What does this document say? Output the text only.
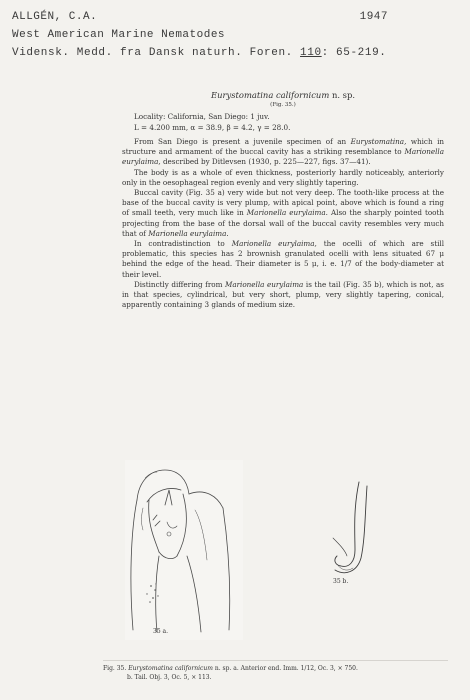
ALLGÉN, C.A.	1947
West American Marine Nematodes
Vidensk. Medd. fra Dansk naturh. Foren. 110: 65-219.
Eurystomatina californicum n. sp.
(Fig. 35.)
Locality: California, San Diego: 1 juv.
L = 4.200 mm, α = 38.9, β = 4.2, γ = 28.0.

From San Diego is present a juvenile specimen of an Eurystomatina, which in structure and armament of the buccal cavity has a striking resemblance to Marionella eurylaima, described by Ditlevsen (1930, p. 225—227, figs. 37—41).

The body is as a whole of even thickness, posteriorly hardly noticeably, anteriorly only in the oesophageal region evenly and very slightly tapering.

Buccal cavity (Fig. 35 a) very wide but not very deep. The tooth-like process at the base of the buccal cavity is very plump, with apical point, above which is found a ring of small teeth, very much like in Marionella eurylaima. Also the sharply pointed tooth projecting from the base of the dorsal wall of the buccal cavity resembles very much that of Marionella eurylaima.

In contradistinction to Marionella eurylaima, the ocelli of which are still problematic, this species has 2 brownish granulated ocelli with lens situated 67 μ behind the edge of the head. Their diameter is 5 μ, i. e. 1/7 of the body-diameter at their level.

Distinctly differing from Marionella eurylaima is the tail (Fig. 35 b), which is not, as in that species, cylindrical, but very short, plump, very slightly tapering, conical, apparently containing 3 glands of medium size.

35 a.
35 b.
Fig. 35. Eurystomatina californicum n. sp. a. Anterior end. Imm. 1/12, Oc. 3, × 750.
b. Tail. Obj. 3, Oc. 5, × 113.
